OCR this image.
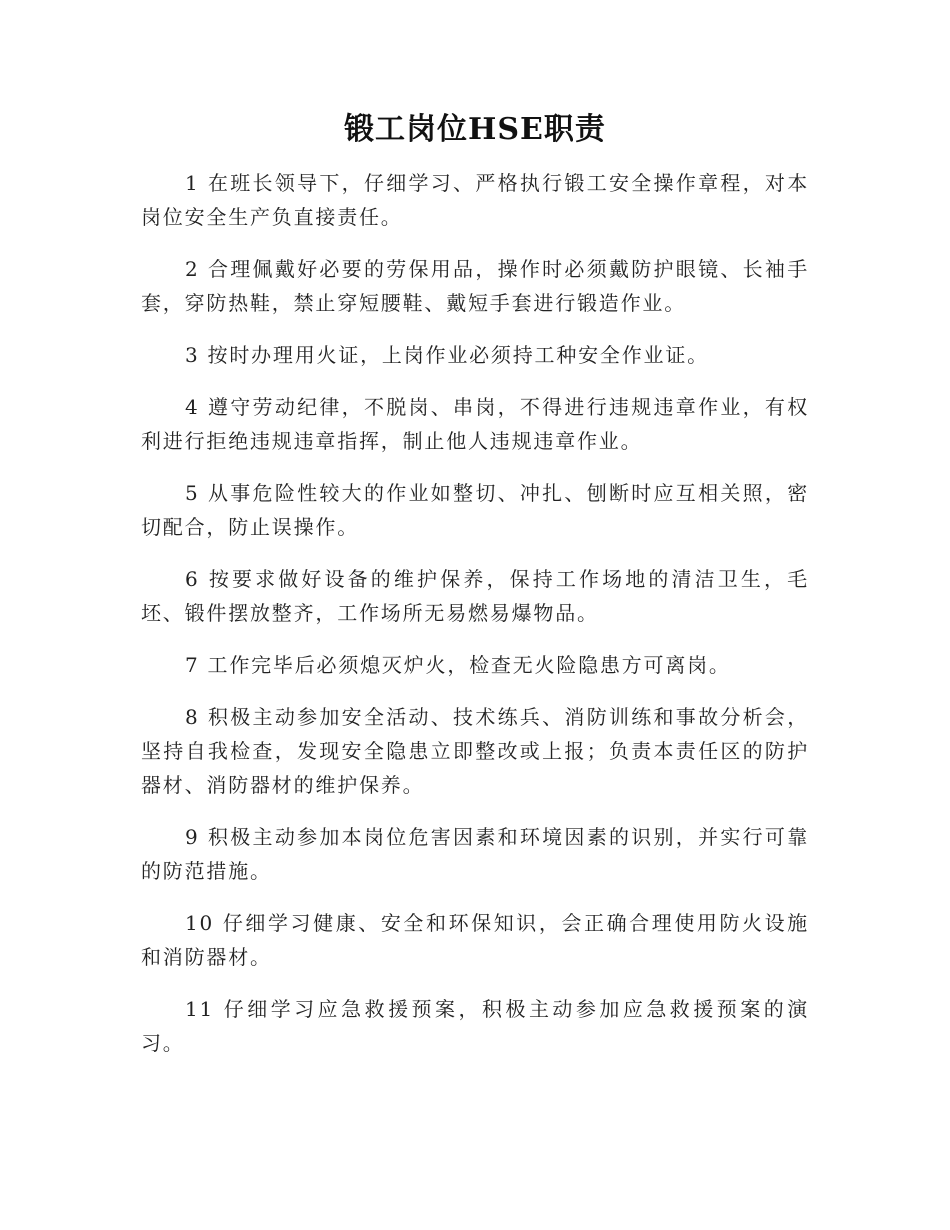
锻工岗位HSE职责

1 在班长领导下，仔细学习、严格执行锻工安全操作章程，对本岗位安全生产负直接责任。

2 合理佩戴好必要的劳保用品，操作时必须戴防护眼镜、长袖手套，穿防热鞋，禁止穿短腰鞋、戴短手套进行锻造作业。

3 按时办理用火证，上岗作业必须持工种安全作业证。

4 遵守劳动纪律，不脱岗、串岗，不得进行违规违章作业，有权利进行拒绝违规违章指挥，制止他人违规违章作业。

5 从事危险性较大的作业如整切、冲扎、刨断时应互相关照，密切配合，防止误操作。

6 按要求做好设备的维护保养，保持工作场地的清洁卫生，毛坯、锻件摆放整齐，工作场所无易燃易爆物品。

7 工作完毕后必须熄灭炉火，检查无火险隐患方可离岗。

8 积极主动参加安全活动、技术练兵、消防训练和事故分析会，坚持自我检查，发现安全隐患立即整改或上报；负责本责任区的防护器材、消防器材的维护保养。

9 积极主动参加本岗位危害因素和环境因素的识别，并实行可靠的防范措施。

10 仔细学习健康、安全和环保知识，会正确合理使用防火设施和消防器材。

11 仔细学习应急救援预案，积极主动参加应急救援预案的演习。
